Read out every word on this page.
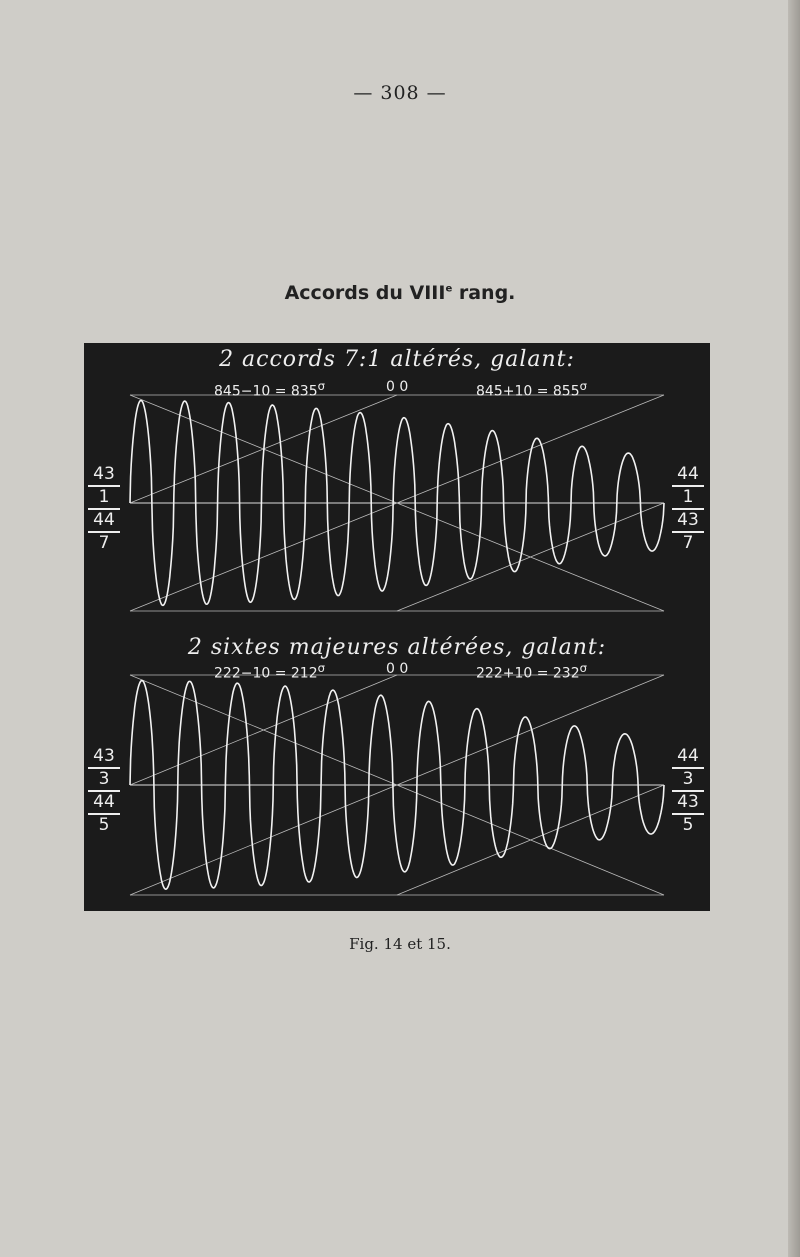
— 308 —
Accords du VIIIe rang.
2 accords 7:1 altérés, galant:
$845-10 = 835^\sigma$	0 0	$845+10 = 855^\sigma$
2 sixtes majeures altérées, galant:
$222-10 = 212^\sigma$	0 0	$222+10 = 232^\sigma$
43
1
44
7
44
1
43
7
43
3
44
5
44
3
43
5
Fig. 14 et 15.
